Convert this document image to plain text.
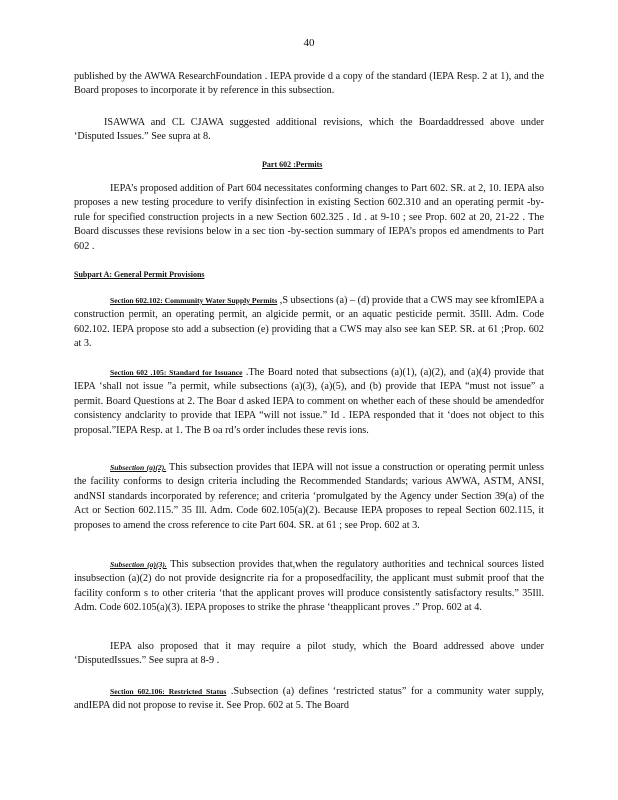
40
published by the AWWA ResearchFoundation . IEPA provide d a copy of the standard (IEPA Resp. 2 at 1), and the Board proposes to incorporate it by reference in this subsection.
ISAWWA and CL CJAWA suggested additional revisions, which the Boardaddressed above under ‘Disputed Issues.” See supra at 8.
Part 602 :Permits
IEPA’s proposed addition of Part 604 necessitates conforming changes to Part 602. SR. at 2, 10. IEPA also proposes a new testing procedure to verify disinfection in existing Section 602.310 and an operating permit -by-rule for specified construction projects in a new Section 602.325 . Id . at 9-10 ; see Prop. 602 at 20, 21-22 . The Board discusses these revisions below in a sec tion -by-section summary of IEPA’s propos ed amendments to Part 602 .
Subpart A: General Permit Provisions
Section 602.102: Community Water Supply Permits ,S ubsections (a) – (d) provide that a CWS may see kfromIEPA a construction permit, an operating permit, an algicide permit, or an aquatic pesticide permit. 35Ill. Adm. Code 602.102. IEPA propose sto add a subsection (e) providing that a CWS may also see kan SEP. SR. at 61 ;Prop. 602 at 3.
Section 602 .105: Standard for Issuance .The Board noted that subsections (a)(1), (a)(2), and (a)(4) provide that IEPA ‘shall not issue ”a permit, while subsections (a)(3), (a)(5), and (b) provide that IEPA “must not issue” a permit. Board Questions at 2. The Boar d asked IEPA to comment on whether each of these should be amendedfor consistency andclarity to provide that IEPA “will not issue.” Id . IEPA responded that it ‘does not object to this proposal.”IEPA Resp. at 1. The B oa rd’s order includes these revis ions.
Subsection (a)(2). This subsection provides that IEPA will not issue a construction or operating permit unless the facility conforms to design criteria including the Recommended Standards; various AWWA, ASTM, ANSI, andNSI standards incorporated by reference; and criteria ‘promulgated by the Agency under Section 39(a) of the Act or Section 602.115.” 35 Ill. Adm. Code 602.105(a)(2). Because IEPA proposes to repeal Section 602.115, it proposes to amend the cross reference to cite Part 604. SR. at 61 ; see Prop. 602 at 3.
Subsection (a)(3). This subsection provides that,when the regulatory authorities and technical sources listed insubsection (a)(2) do not provide designcrite ria for a proposedfacility, the applicant must submit proof that the facility conform s to other criteria ‘that the applicant proves will produce consistently satisfactory results.” 35Ill. Adm. Code 602.105(a)(3). IEPA proposes to strike the phrase ‘theapplicant proves .” Prop. 602 at 4.
IEPA also proposed that it may require a pilot study, which the Board addressed above under ‘DisputedIssues.” See supra at 8-9 .
Section 602.106: Restricted Status .Subsection (a) defines ‘restricted status” for a community water supply, andIEPA did not propose to revise it. See Prop. 602 at 5. The Board
